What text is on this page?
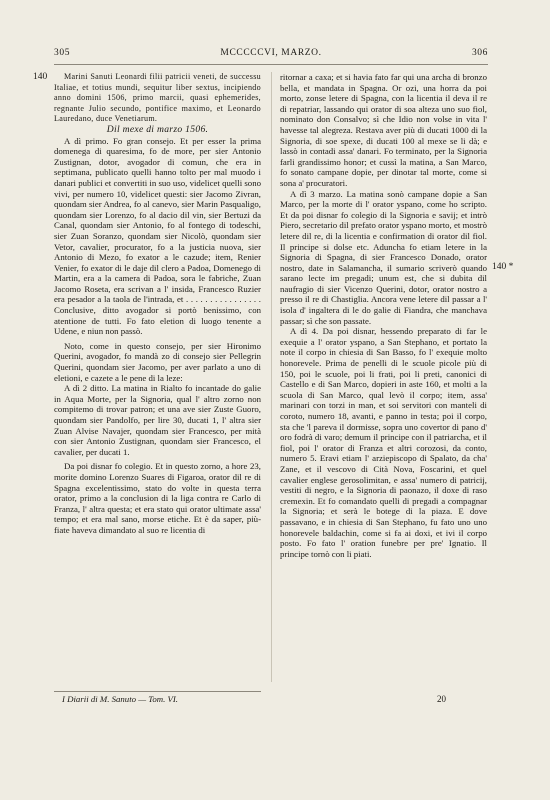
305	MCCCCCVI, MARZO.	306
140
140 *

Marini Sanuti Leonardi filii patricii veneti, de successu Italiae, et totius mundi, sequitur liber sextus, incipiendo anno domini 1506, primo marcii, quasi ephemerides, regnante Julio secundo, pontifice maximo, et Leonardo Lauredano, duce Venetiarum.

Dil mexe di marzo 1506.

A dì primo. Fo gran consejo. Et per esser la prima domenega di quaresima, fo de more, per sier Antonio Zustignan, dotor, avogador di comun, che era in septimana, publicato quelli hanno tolto per mal muodo i danari publici et convertiti in suo uso, videlicet quelli sono vivi, per numero 10, videlicet questi: sier Jacomo Zivran, quondam sier Andrea, fo al canevo, sier Marin Pasqualigo, quondam sier Lorenzo, fo al dacio dil vin, sier Bertuzi da Canal, quondam sier Antonio, fo al fontego di todeschi, sier Zuan Soranzo, quondam sier Nicolò, quondam sier Vetor, cavalier, procurator, fo a la justicia nuova, sier Antonio di Mezo, fo exator a le cazude; item, Renier Venier, fo exator di le daje dil clero a Padoa, Domenego di Martin, era a la camera di Padoa, sora le fabriche, Zuan Jacomo Roseta, era scrivan a l' insida, Francesco Ruzier era pesador a la taola de l'intrada, et . . . . . . . . . . . . . . . . Conclusive, ditto avogador si portò benissimo, con atentione de tutti. Fo fato eletion di luogo tenente a Udene, e niun non passò.

Noto, come in questo consejo, per sier Hironimo Querini, avogador, fo mandà zo di consejo sier Pellegrin Querini, quondam sier Jacomo, per aver parlato a uno di eletioni, e cazete a le pene di la leze:

A dì 2 ditto. La matina in Rialto fo incantade do galie in Aqua Morte, per la Signoria, qual l' altro zorno non compitemo di trovar patron; et una ave sier Zuste Guoro, quondam sier Pandolfo, per lire 30, ducati 1, l' altra sier Zuan Alvise Navajer, quondam sier Francesco, per mità con sier Antonio Zustignan, quondam sier Francesco, el cavalier, per ducati 1.

Da poi disnar fo colegio. Et in questo zorno, a hore 23, morite domino Lorenzo Suares di Figaroa, orator dil re di Spagna excelentissimo, stato do volte in questa terra orator, primo a la conclusion di la liga contra re Carlo di Franza, l' altra questa; et era stato qui orator ultimate assa' tempo; et era mal sano, morse etiche. Et è da saper, più-fiate haveva dimandato al suo re licentia di

ritornar a caxa; et si havia fato far qui una archa di bronzo bella, et mandata in Spagna. Or ozi, una horra da poi morto, zonse letere di Spagna, con la licentia il deva il re di repatriar, lassando qui orator di soa alteza uno suo fiol, nominato don Consalvo; sì che Idio non volse in vita l' havesse tal alegreza. Restava aver più di ducati 1000 di la Signoria, di soe spexe, di ducati 100 al mexe se li dà; e lassò in contadi assa' danari. Fo terminato, per la Signoria farli grandissimo honor; et cussì la matina, a San Marco, fo sonato campane dopie, per dinotar tal morte, come si sona a' procuratori.

A dì 3 marzo. La matina sonò campane dopie a San Marco, per la morte di l' orator yspano, come ho scripto. Et da poi disnar fo colegio di la Signoria e savij; et intrò Piero, secretario dil prefato orator yspano morto, et mostrò letere dil re, di la licentia e confirmation di orator dil fiol. Il principe si dolse etc. Aduncha fo etiam letere in la Signoria di Spagna, di sier Francesco Donado, orator nostro, date in Salamancha, il sumario scriverò quando sarano lecte im pregadi; unum est, che si dubita dil naufragio di sier Vicenzo Querini, dotor, orator nostro a presso il re di Chastiglia. Ancora vene letere dil passar a l' isola d' ingaltera di le do galie di Fiandra, che manchava passar; sì che son passate.

A dì 4. Da poi disnar, hessendo preparato di far le exequie a l' orator yspano, a San Stephano, et portato la note il corpo in chiesia di San Basso, fo l' exequie molto honorevele. Prima de penelli di le scuole picole più di 150, poi le scuole, poi li frati, poi li preti, canonici di Castello e di San Marco, dopieri in aste 160, et molti a la scuola di San Marco, qual levò il corpo; item, assa' marinari con torzi in man, et soi servitori con manteli di coroto, numero 18, avanti, e panno in testa; poi il corpo, sta che 'l pareva il dormisse, sopra uno covertor di pano d' oro fodrà di varo; demum il principe con il patriarcha, et il fiol, poi l' orator di Franza et altri corozosi, da conto, numero 5. Eravi etiam l' arziepiscopo di Spalato, da cha' Zane, et il vescovo di Cità Nova, Foscarini, et quel cavalier englese gerosolimitan, e assa' numero di patricij, vestiti di negro, e la Signoria di paonazo, il doxe di raso cremexin. Et fo comandato quelli di pregadi a compagnar la Signoria; et serà le botege di la piaza. E dove passavano, e in chiesia di San Stephano, fu fato uno uno honorevele baldachin, come si fa ai doxi, et ivi il corpo posto. Fo fato l' oration funebre per pre' Ignatio. Il principe tornò con li piati.

I Diarii di M. Sanuto — Tom. VI.	20
